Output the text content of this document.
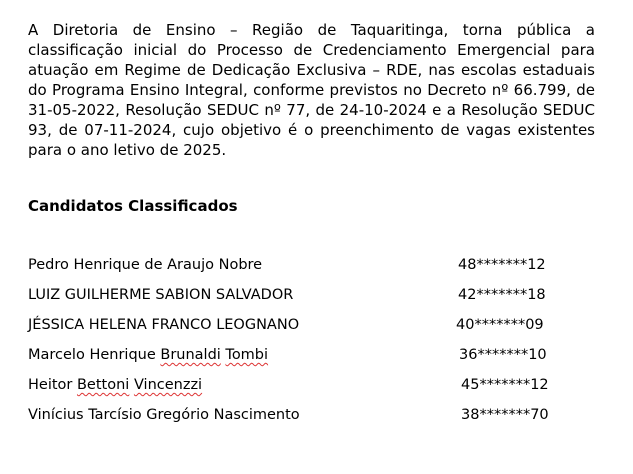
A Diretoria de Ensino – Região de Taquaritinga, torna pública a classificação inicial do Processo de Credenciamento Emergencial para atuação em Regime de Dedicação Exclusiva – RDE, nas escolas estaduais do Programa Ensino Integral, conforme previstos no Decreto nº 66.799, de 31-05-2022, Resolução SEDUC nº 77, de 24-10-2024 e a Resolução SEDUC 93, de 07-11-2024, cujo objetivo é o preenchimento de vagas existentes para o ano letivo de 2025.

Candidatos Classificados

Pedro Henrique de Araujo Nobre	48*******12
LUIZ GUILHERME SABION SALVADOR	42*******18
JÉSSICA HELENA FRANCO LEOGNANO	40*******09
Marcelo Henrique Brunaldi Tombi	36*******10
Heitor Bettoni Vincenzzi	45*******12
Vinícius Tarcísio Gregório Nascimento	38*******70
